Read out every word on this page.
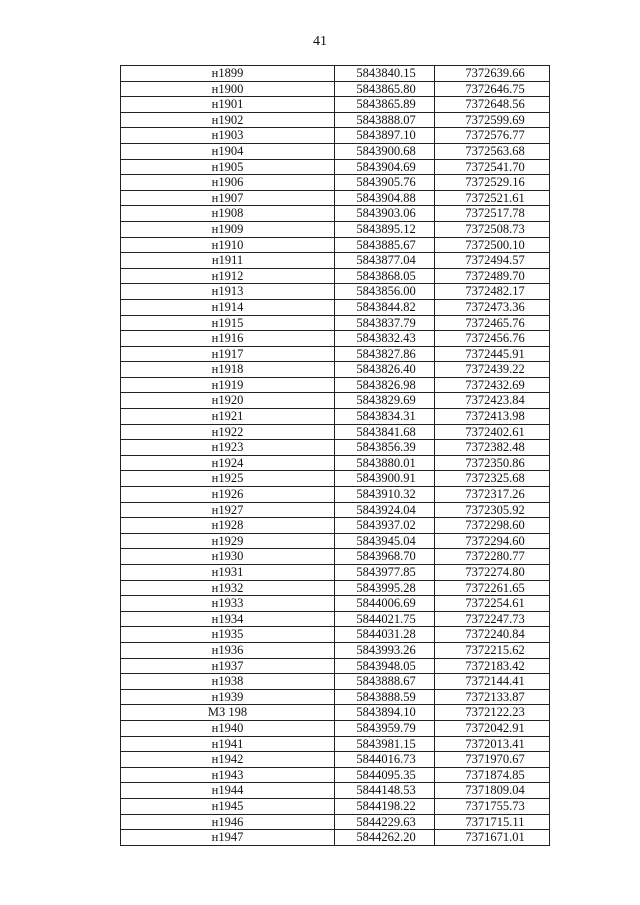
41
н1899	5843840.15	7372639.66
н1900	5843865.80	7372646.75
н1901	5843865.89	7372648.56
н1902	5843888.07	7372599.69
н1903	5843897.10	7372576.77
н1904	5843900.68	7372563.68
н1905	5843904.69	7372541.70
н1906	5843905.76	7372529.16
н1907	5843904.88	7372521.61
н1908	5843903.06	7372517.78
н1909	5843895.12	7372508.73
н1910	5843885.67	7372500.10
н1911	5843877.04	7372494.57
н1912	5843868.05	7372489.70
н1913	5843856.00	7372482.17
н1914	5843844.82	7372473.36
н1915	5843837.79	7372465.76
н1916	5843832.43	7372456.76
н1917	5843827.86	7372445.91
н1918	5843826.40	7372439.22
н1919	5843826.98	7372432.69
н1920	5843829.69	7372423.84
н1921	5843834.31	7372413.98
н1922	5843841.68	7372402.61
н1923	5843856.39	7372382.48
н1924	5843880.01	7372350.86
н1925	5843900.91	7372325.68
н1926	5843910.32	7372317.26
н1927	5843924.04	7372305.92
н1928	5843937.02	7372298.60
н1929	5843945.04	7372294.60
н1930	5843968.70	7372280.77
н1931	5843977.85	7372274.80
н1932	5843995.28	7372261.65
н1933	5844006.69	7372254.61
н1934	5844021.75	7372247.73
н1935	5844031.28	7372240.84
н1936	5843993.26	7372215.62
н1937	5843948.05	7372183.42
н1938	5843888.67	7372144.41
н1939	5843888.59	7372133.87
МЗ 198	5843894.10	7372122.23
н1940	5843959.79	7372042.91
н1941	5843981.15	7372013.41
н1942	5844016.73	7371970.67
н1943	5844095.35	7371874.85
н1944	5844148.53	7371809.04
н1945	5844198.22	7371755.73
н1946	5844229.63	7371715.11
н1947	5844262.20	7371671.01
